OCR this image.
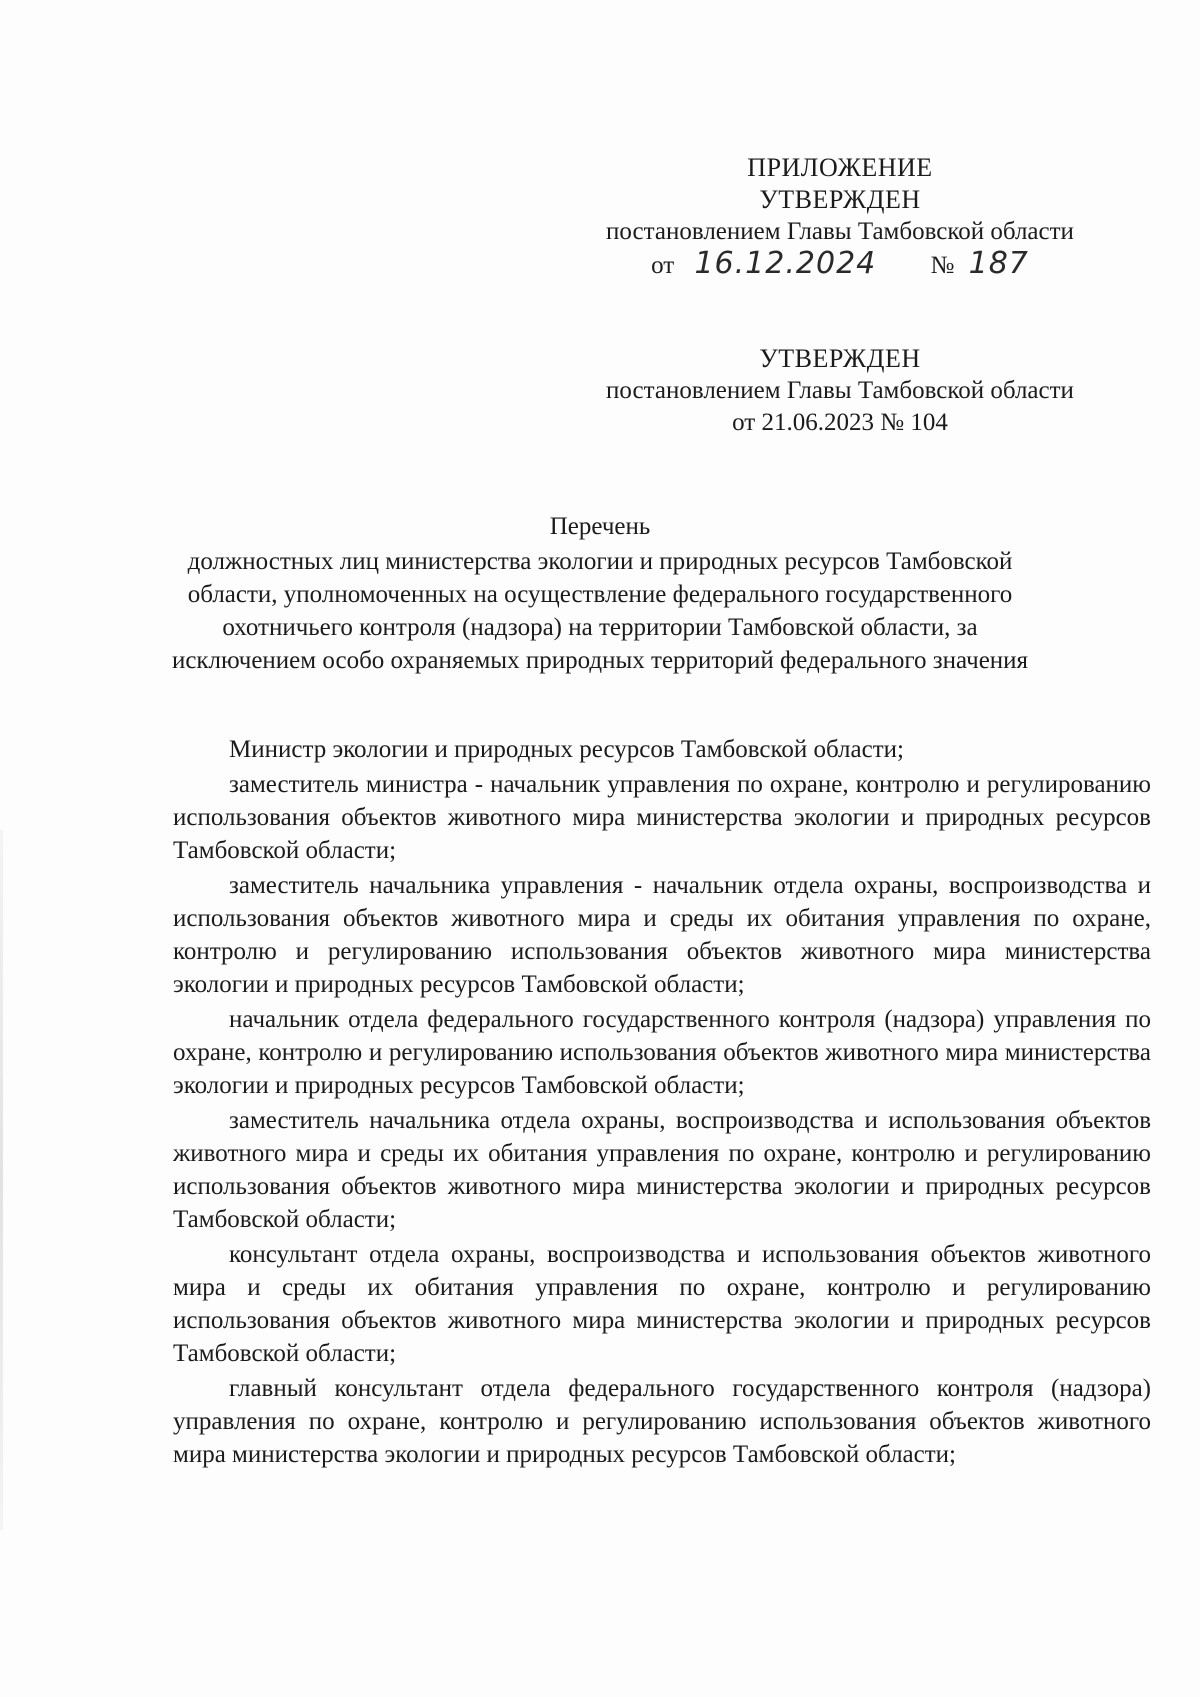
ПРИЛОЖЕНИЕ
УТВЕРЖДЕН
постановлением Главы Тамбовской области
от 16.12.2024 № 187
УТВЕРЖДЕН
постановлением Главы Тамбовской области
от 21.06.2023 № 104
Перечень
должностных лиц министерства экологии и природных ресурсов Тамбовской области, уполномоченных на осуществление федерального государственного охотничьего контроля (надзора) на территории Тамбовской области, за исключением особо охраняемых природных территорий федерального значения

Министр экологии и природных ресурсов Тамбовской области;

заместитель министра - начальник управления по охране, контролю и регулированию использования объектов животного мира министерства экологии и природных ресурсов Тамбовской области;

заместитель начальника управления - начальник отдела охраны, воспроизводства и использования объектов животного мира и среды их обитания управления по охране, контролю и регулированию использования объектов животного мира министерства экологии и природных ресурсов Тамбовской области;

начальник отдела федерального государственного контроля (надзора) управления по охране, контролю и регулированию использования объектов животного мира министерства экологии и природных ресурсов Тамбовской области;

заместитель начальника отдела охраны, воспроизводства и использования объектов животного мира и среды их обитания управления по охране, контролю и регулированию использования объектов животного мира министерства экологии и природных ресурсов Тамбовской области;

консультант отдела охраны, воспроизводства и использования объектов животного мира и среды их обитания управления по охране, контролю и регулированию использования объектов животного мира министерства экологии и природных ресурсов Тамбовской области;

главный консультант отдела федерального государственного контроля (надзора) управления по охране, контролю и регулированию использования объектов животного мира министерства экологии и природных ресурсов Тамбовской области;
